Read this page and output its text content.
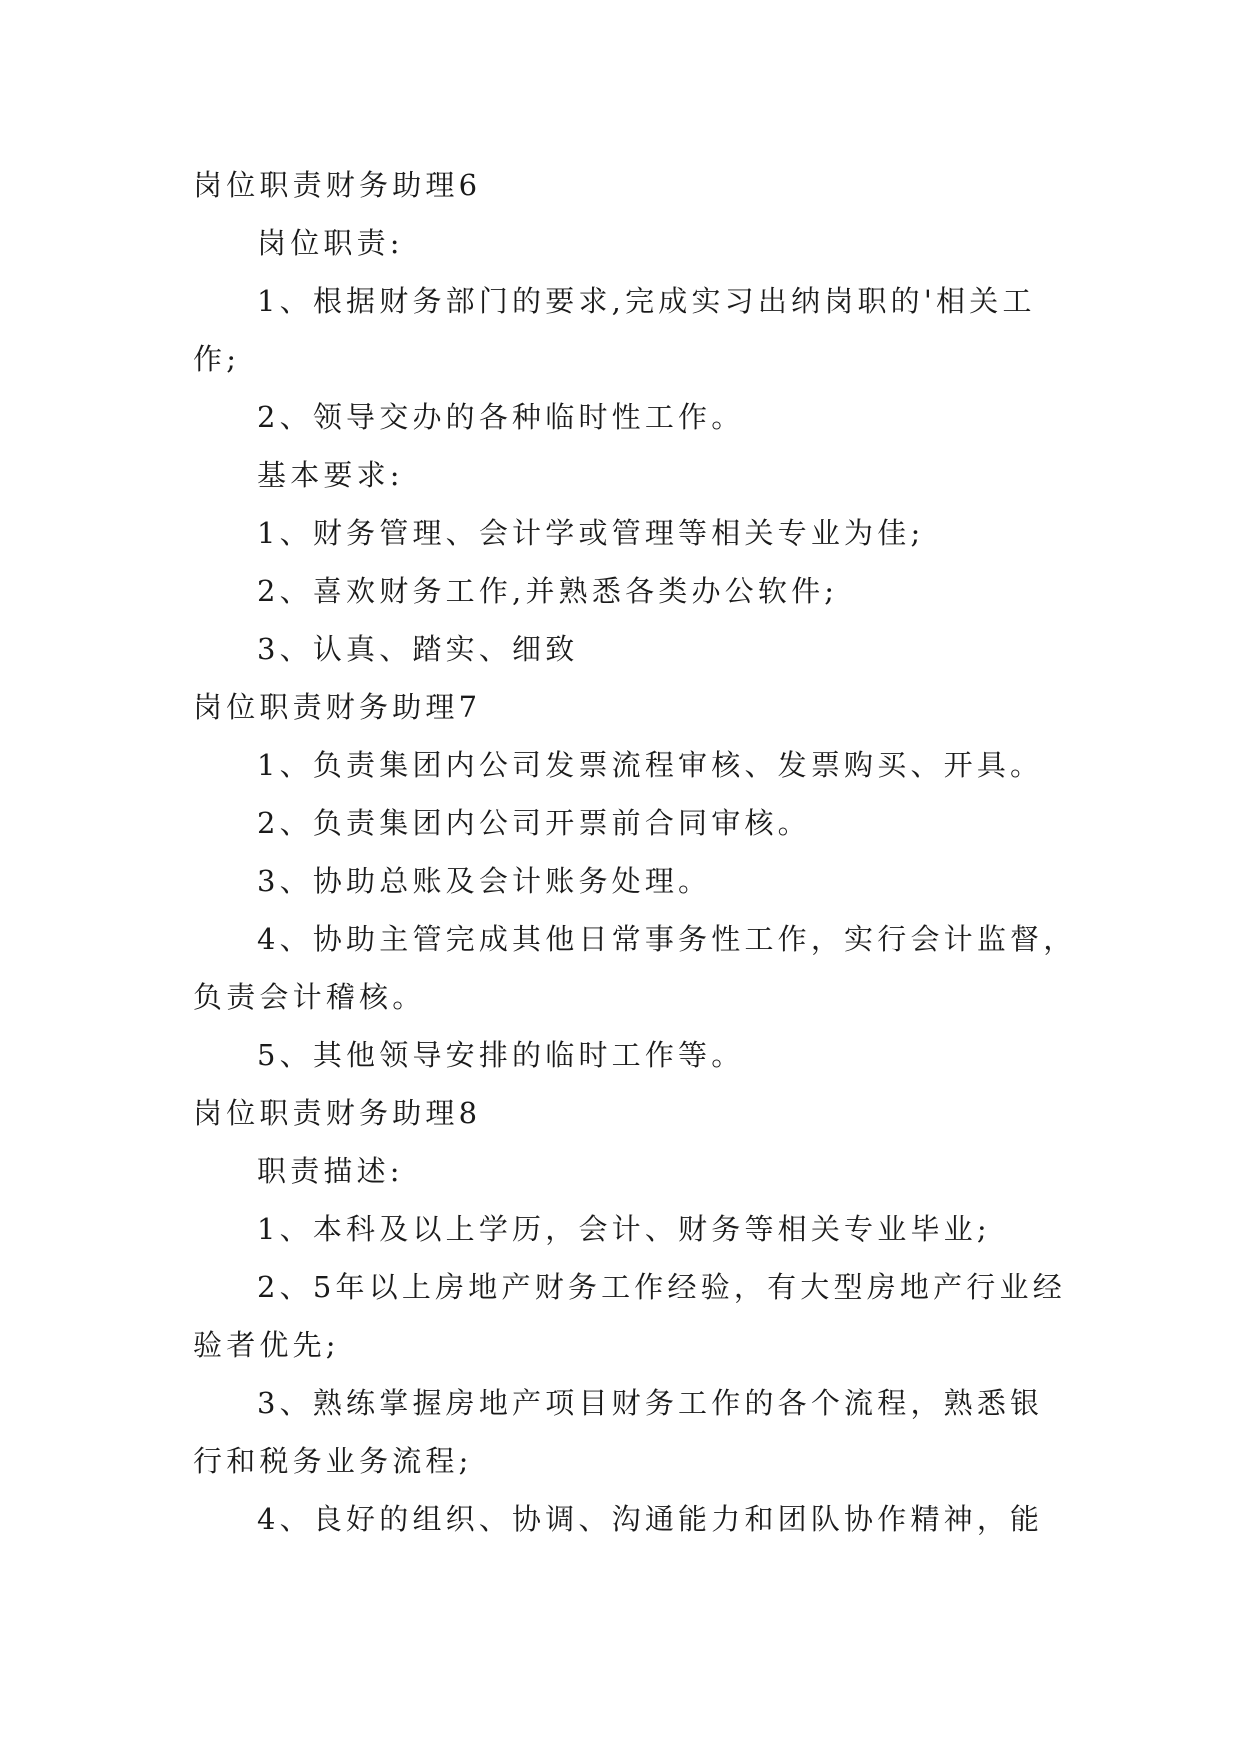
岗位职责财务助理6
岗位职责:
1、根据财务部门的要求,完成实习出纳岗职的'相关工
作;
2、领导交办的各种临时性工作。
基本要求:
1、财务管理、会计学或管理等相关专业为佳;
2、喜欢财务工作,并熟悉各类办公软件;
3、认真、踏实、细致
岗位职责财务助理7
1、负责集团内公司发票流程审核、发票购买、开具。
2、负责集团内公司开票前合同审核。
3、协助总账及会计账务处理。
4、协助主管完成其他日常事务性工作，实行会计监督，
负责会计稽核。
5、其他领导安排的临时工作等。
岗位职责财务助理8
职责描述:
1、本科及以上学历，会计、财务等相关专业毕业;
2、5年以上房地产财务工作经验，有大型房地产行业经
验者优先;
3、熟练掌握房地产项目财务工作的各个流程，熟悉银
行和税务业务流程;
4、良好的组织、协调、沟通能力和团队协作精神，能
